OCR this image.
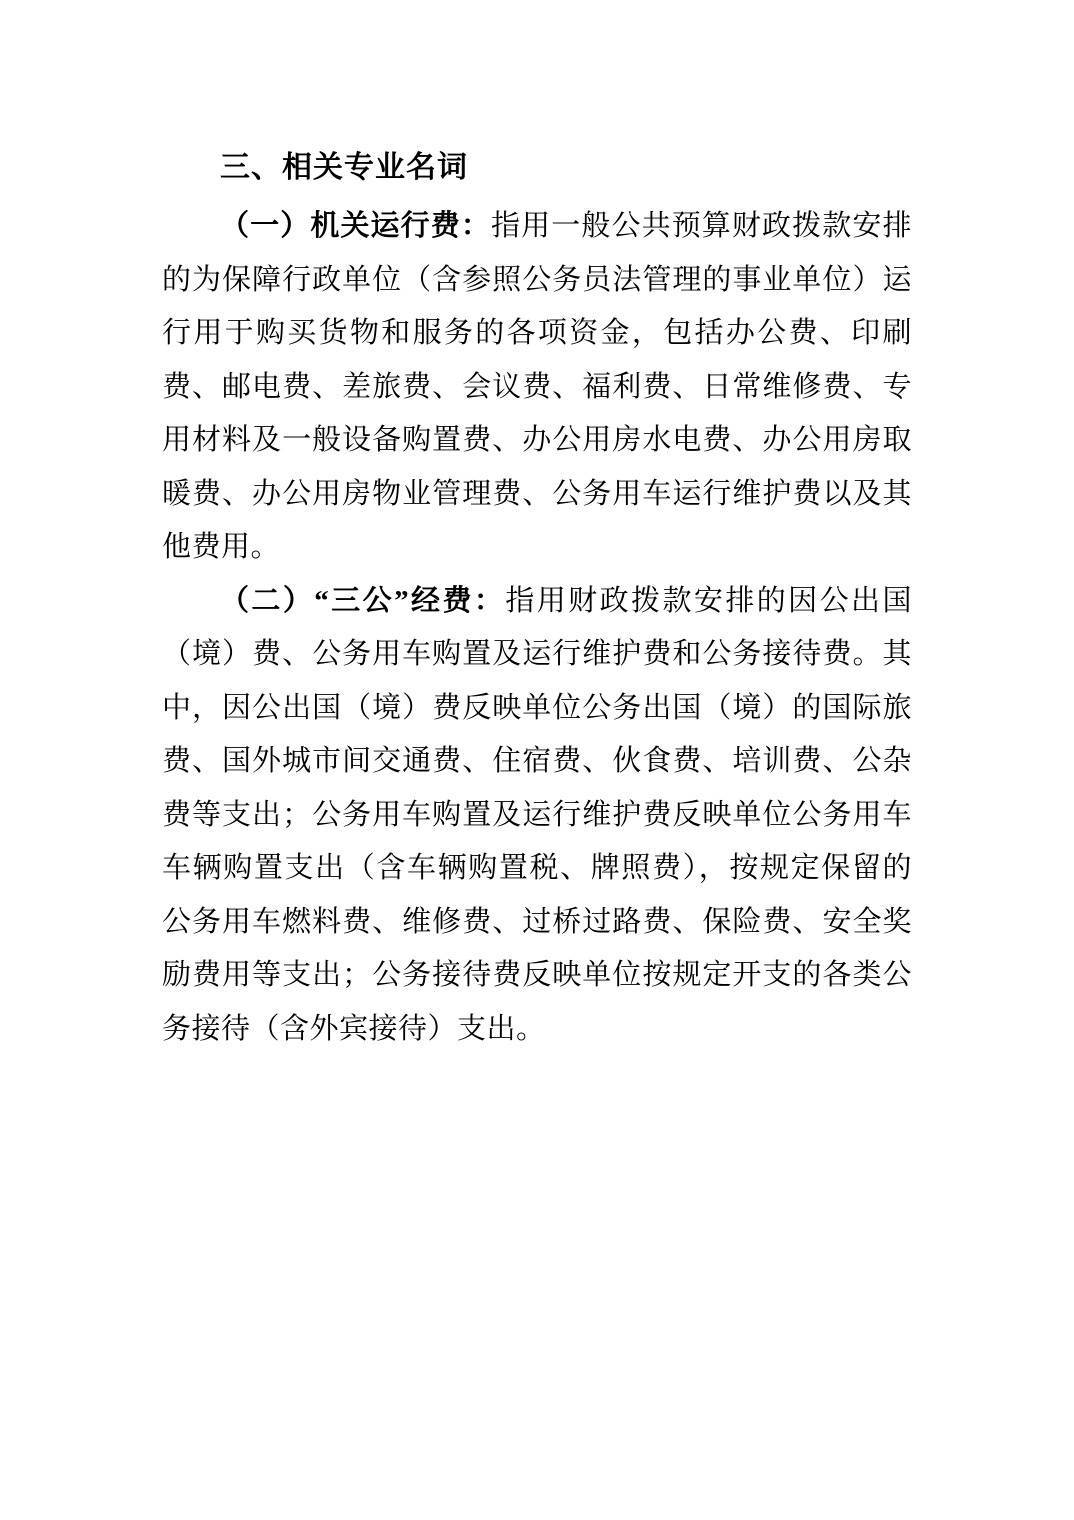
三、相关专业名词

（一）机关运行费：指用一般公共预算财政拨款安排的为保障行政单位（含参照公务员法管理的事业单位）运行用于购买货物和服务的各项资金，包括办公费、印刷费、邮电费、差旅费、会议费、福利费、日常维修费、专用材料及一般设备购置费、办公用房水电费、办公用房取暖费、办公用房物业管理费、公务用车运行维护费以及其他费用。

（二）“三公”经费：指用财政拨款安排的因公出国（境）费、公务用车购置及运行维护费和公务接待费。其中，因公出国（境）费反映单位公务出国（境）的国际旅费、国外城市间交通费、住宿费、伙食费、培训费、公杂费等支出；公务用车购置及运行维护费反映单位公务用车车辆购置支出（含车辆购置税、牌照费），按规定保留的公务用车燃料费、维修费、过桥过路费、保险费、安全奖励费用等支出；公务接待费反映单位按规定开支的各类公务接待（含外宾接待）支出。
